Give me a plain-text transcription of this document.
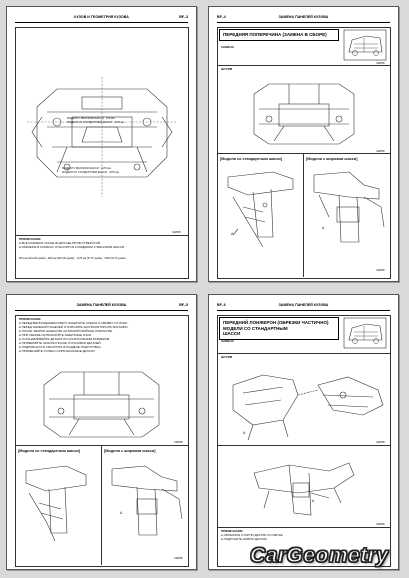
КУЗОВ И ГЕОМЕТРИЯ КУЗОВА	BF–3
МОДЕЛИ С ВЫСОКИМ ШАССИ · 976 мм
МОДЕЛИ СО СТАНДАРТНЫМ ШАССИ · 1076 мм
МОДЕЛИ С ВЫСОКИМ ШАССИ · 1076 мм
МОДЕЛИ СО СТАНДАРТНЫМ ШАССИ · 1076 мм
SEBBB
ПРИМЕЧАНИЕ:
● ВСЕ РАЗМЕРЫ УКАЗАНЫ ДЛЯ ЦЕНТРОВ ОТВЕРСТИЙ.
● РАЗМЕРЫ В СКОБКАХ ОТНОСЯТСЯ К МОДЕЛЯМ С ВЫСОКИМ ШАССИ.
Ø31 мм (Ø1.220 дюйм) · Ø16 мм (Ø0.630 дюйм) · 1470 мм (57.87 дюйм) · 1595 (62.79 дюйм)
BF–4	ЗАМЕНА ПАНЕЛЕЙ КУЗОВА
ПЕРЕДНЯЯ ПОПЕРЕЧИНА (ЗАМЕНА В СБОРЕ)
ЗАМЕНА
SEBBB
ШТУРМ
SEBBB
[Модели со стандартным шасси]	[Модели с широким шасси]
А
А
SEBBB
ЗАМЕНА ПАНЕЛЕЙ КУЗОВА	BF–5
ПРИМЕЧАНИЕ:
● ПЕРЕД ВЫПОЛНЕНИЕМ РАБОТ ЗАЩИТИТЕ СТЕКЛА И ОБИВКУ ОТ ИСКР.
● ПЕРЕД ЗАМЕНОЙ ПАНЕЛЕЙ ОТКЛЮЧИТЕ АККУМУЛЯТОРНУЮ БАТАРЕЮ.
● ПОСЛЕ СВАРКИ НАНЕСИТЕ АНТИКОРРОЗИЙНОЕ ПОКРЫТИЕ.
● ПРИ СВАРКЕ ИСПОЛЬЗУЙТЕ ЗАЩИТНЫЕ ОЧКИ.
● УСТАНАВЛИВАЙТЕ ДЕТАЛИ ПО КОНТРОЛЬНЫМ РАЗМЕРАМ.
● ПРОВЕРЯЙТЕ ЗАЗОРЫ ПОСЛЕ УСТАНОВКИ ДЕТАЛЕЙ.
● ПОДРОБНОСТИ СМОТРИТЕ В РАЗДЕЛЕ ПОДГОТОВКА.
● ПРИМЕНЯЙТЕ ТОЛЬКО ОРИГИНАЛЬНЫЕ ДЕТАЛИ.
SEBBB
[Модели со стандартным шасси]	[Модели с широким шасси]
А
SEBBB
BF–6	ЗАМЕНА ПАНЕЛЕЙ КУЗОВА
ПЕРЕДНИЙ ЛОНЖЕРОН (ОБРЕЗКИ ЧАСТИЧНО)
МОДЕЛИ СО СТАНДАРТНЫМ
ШАССИ
ЗАМЕНА
ШТУРМ
А
SEBBB
А
SEBBB
ПРИМЕЧАНИЕ:
● ОБРЕЖЬТЕ СТАРУЮ ДЕТАЛЬ ПО МЕТКЕ.
● ПОДГОНИТЕ НОВУЮ ДЕТАЛЬ.
CarGeometry
